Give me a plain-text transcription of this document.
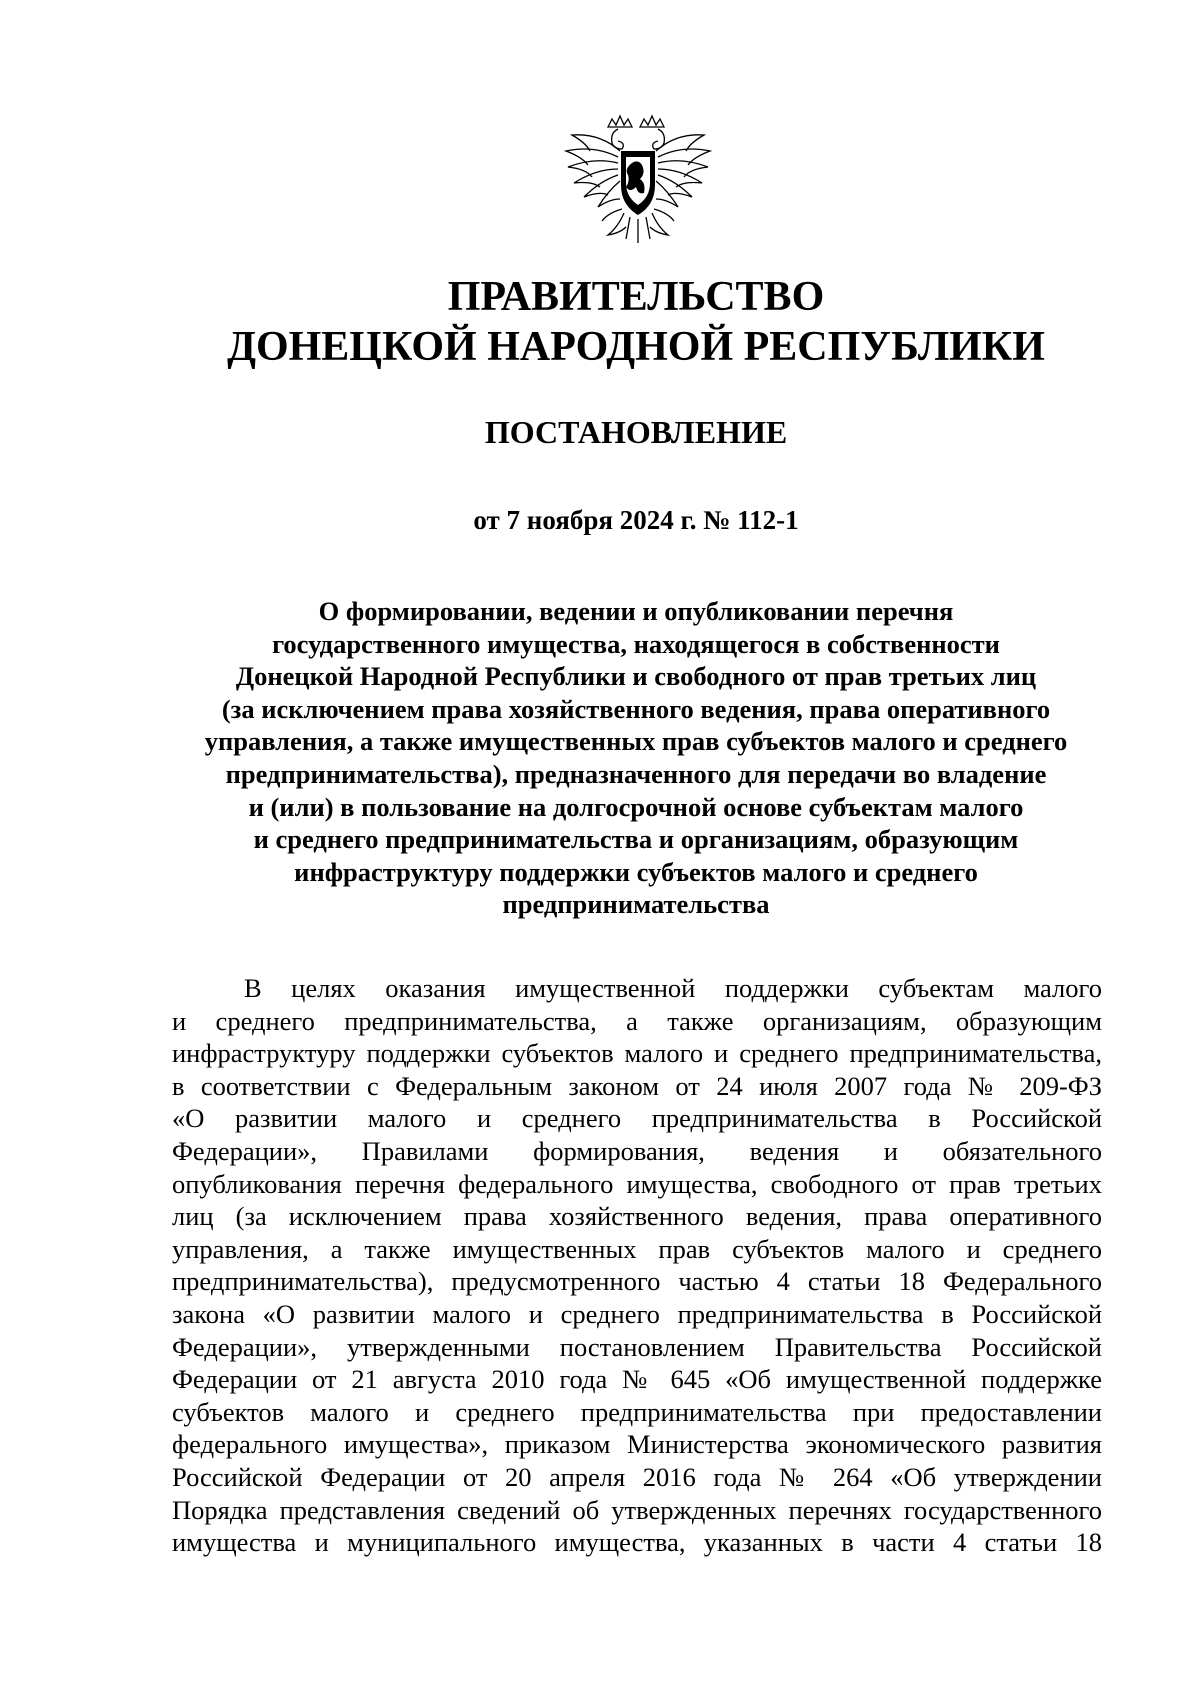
ПРАВИТЕЛЬСТВО
ДОНЕЦКОЙ НАРОДНОЙ РЕСПУБЛИКИ
ПОСТАНОВЛЕНИЕ
от 7 ноября 2024 г. № 112-1
О формировании, ведении и опубликовании перечня
государственного имущества, находящегося в собственности
Донецкой Народной Республики и свободного от прав третьих лиц
(за исключением права хозяйственного ведения, права оперативного
управления, а также имущественных прав субъектов малого и среднего
предпринимательства), предназначенного для передачи во владение
и (или) в пользование на долгосрочной основе субъектам малого
и среднего предпринимательства и организациям, образующим
инфраструктуру поддержки субъектов малого и среднего
предпринимательства
В целях оказания имущественной поддержки субъектам малого
и среднего предпринимательства, а также организациям, образующим
инфраструктуру поддержки субъектов малого и среднего предпринимательства,
в соответствии с Федеральным законом от 24 июля 2007 года № 209-ФЗ
«О развитии малого и среднего предпринимательства в Российской
Федерации», Правилами формирования, ведения и обязательного
опубликования перечня федерального имущества, свободного от прав третьих
лиц (за исключением права хозяйственного ведения, права оперативного
управления, а также имущественных прав субъектов малого и среднего
предпринимательства), предусмотренного частью 4 статьи 18 Федерального
закона «О развитии малого и среднего предпринимательства в Российской
Федерации», утвержденными постановлением Правительства Российской
Федерации от 21 августа 2010 года № 645 «Об имущественной поддержке
субъектов малого и среднего предпринимательства при предоставлении
федерального имущества», приказом Министерства экономического развития
Российской Федерации от 20 апреля 2016 года № 264 «Об утверждении
Порядка представления сведений об утвержденных перечнях государственного
имущества и муниципального имущества, указанных в части 4 статьи 18
